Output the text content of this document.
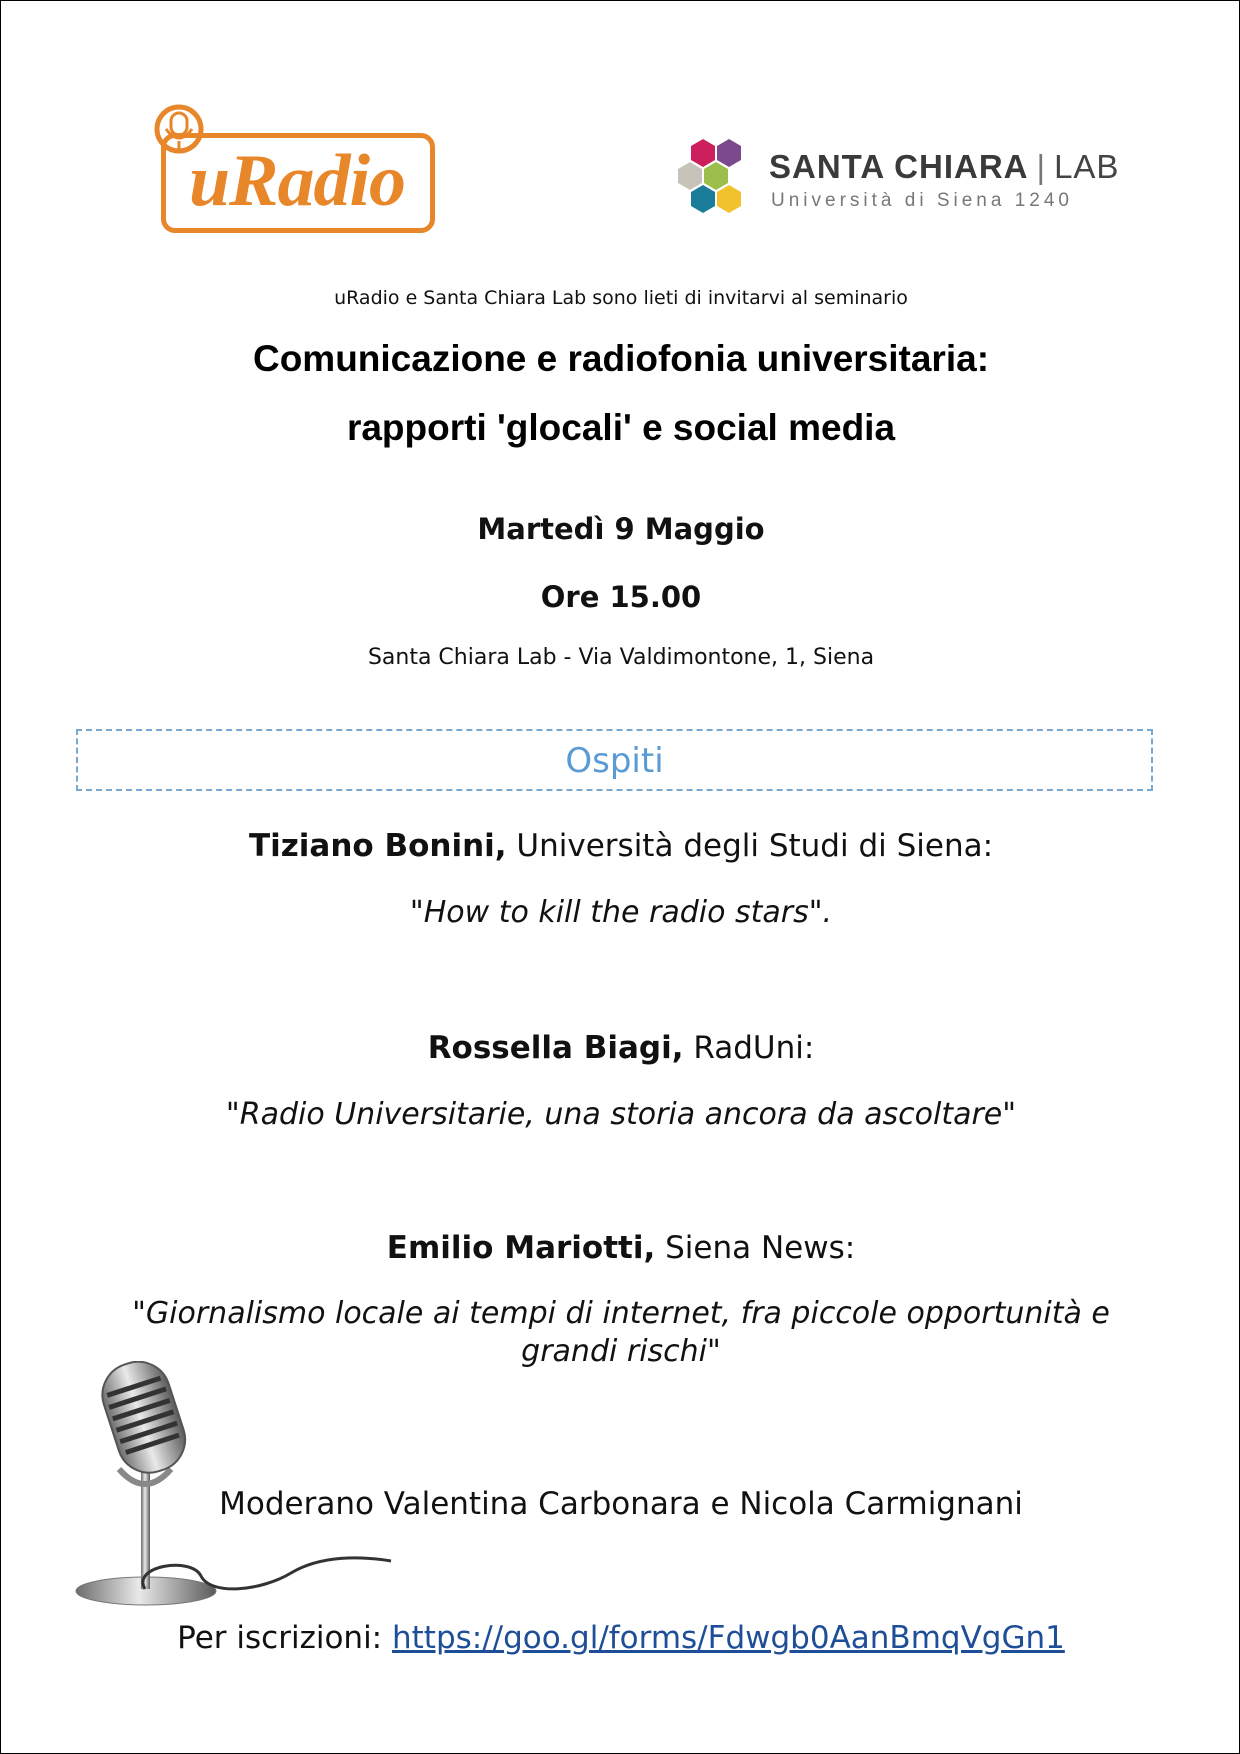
uRadio	SANTA CHIARA | LAB
Università di Siena 1240
uRadio e Santa Chiara Lab sono lieti di invitarvi al seminario
Comunicazione e radiofonia universitaria:
rapporti 'glocali' e social media
Martedì 9 Maggio
Ore 15.00
Santa Chiara Lab - Via Valdimontone, 1, Siena
Ospiti
Tiziano Bonini, Università degli Studi di Siena:
"How to kill the radio stars".
Rossella Biagi, RadUni:
"Radio Universitarie, una storia ancora da ascoltare"
Emilio Mariotti, Siena News:
"Giornalismo locale ai tempi di internet, fra piccole opportunità e
grandi rischi"
Moderano Valentina Carbonara e Nicola Carmignani
Per iscrizioni: https://goo.gl/forms/Fdwgb0AanBmqVgGn1
